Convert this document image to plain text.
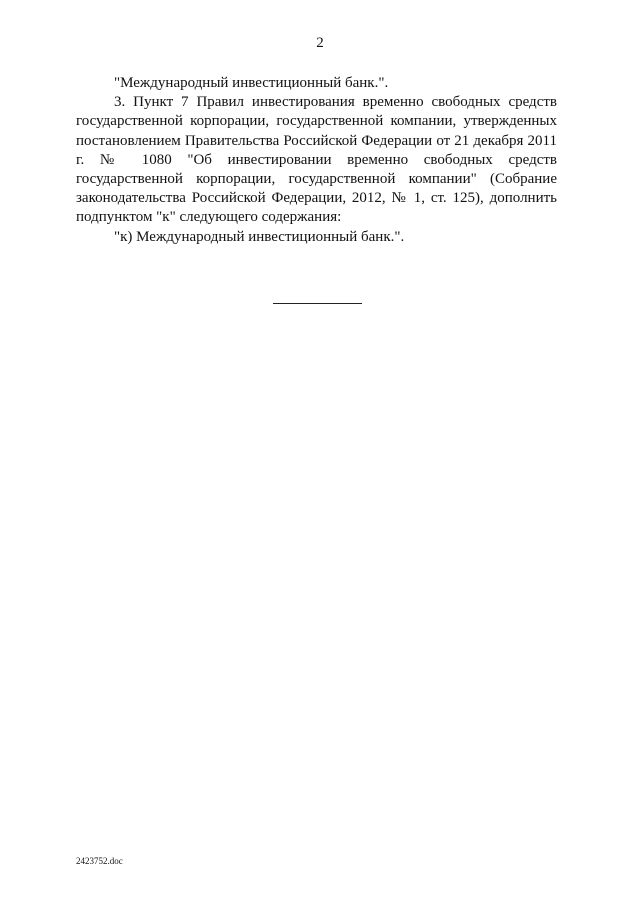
2

"Международный инвестиционный банк.".

3. Пункт 7 Правил инвестирования временно свободных средств государственной корпорации, государственной компании, утвержденных постановлением Правительства Российской Федерации от 21 декабря 2011 г. № 1080 "Об инвестировании временно свободных средств государственной корпорации, государственной компании" (Собрание законодательства Российской Федерации, 2012, № 1, ст. 125), дополнить подпунктом "к" следующего содержания:

"к) Международный инвестиционный банк.".

2423752.doc
